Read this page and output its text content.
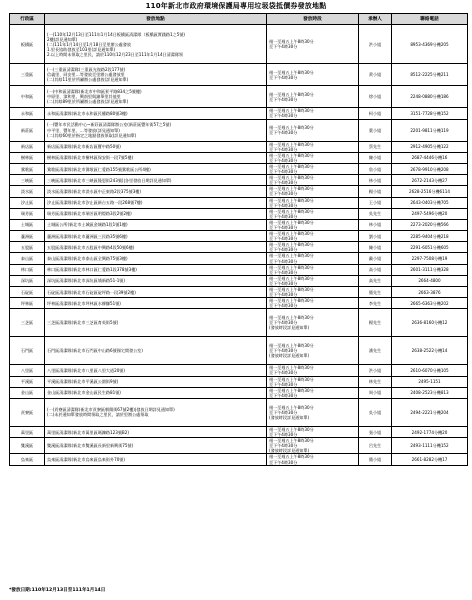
110年新北市政府環境保護局專用垃圾袋抵價券發放地點
行政區	發放地點	發放時段	承辦人	聯絡電話
板橋區	(一)110年12月13日至111年1月14日板橋區清潔隊（板橋區實踐路1之5號)
2樓(詳見通知單)
(二)111年1月14日至1月18日至里辦公處發放
1.里長協助發放至103里(詳見通知單)
2.以上時間未領取之里民，請於110年12月23日至111年1月14日清潔隊領	週一至週五上午8時30分
至下午4時30分	洪小姐	8953-4369分機205
三重區	(一)三重區清潔隊(三重區光復路2段177號)
信義里、同安里…等發放至里辦公處發放里
(二)其餘11里於所屬辦公處發放(詳見通知單)	週一至週五上午8時30分
至下午4時30分	黃小姐	8512-2225分機211
中和區	(一)中和區清潔隊(新北市中和區景平路834之5號樓)
中原里、漳和里、興南里與錦華里其他里
(二)其餘89里於所屬辦公處發放(詳見通知單)	週一至週五上午8時30分
至下午4時30分	徐小姐	2248-0880分機186
永和區	永和區清潔隊(新北市永和區民權路80號3樓)	週一至週五上午8時30分
至下午4時30分	柯小姐	3151-7728分機152
新莊區	(一)豐年市民活動中心~新莊區清潔隊辦公室(新莊區豐年街57之5號)
中平里、豐年里、…等發放(詳見通知單)
(二)其餘60里於指定之地點發放領取(詳見通知單)	週一至週五上午8時30分
至下午4時30分	葉小姐	2201-9811分機119
新店區	新店區清潔隊(新北市新店區寶中路50號)	週一至週五上午8時30分
至下午4時30分	蔡先生	2912-4905分機122
樹林區	樹林區清潔隊(新北市樹林區保安街一段7號5樓)	週一至週五上午8時30分
至下午4時30分	陳小姐	2687-4446分機16
鶯歌區	鶯歌區清潔隊(新北市鶯歌區仁愛路155號鶯歌區公所4樓)	週一至週五上午8時30分
至下午4時30分	詹小姐	2678-9910分機208
三峽區	三峽區清潔隊(新北市三峽區隆恩街243號)|各里發放日期詳見通知單)	週一至週五上午8時30分
至下午4時30分	林小姐	2672-2143分機27
淡水區	淡水區清潔隊(新北市淡水區中正東路2段375號3樓)	週一至週五上午8時30分
至下午4時30分	楊小姐	2628-2516分機6114
汐止區	汐止區清潔隊(新北市汐止區新台五路一段268號7樓)	週一至週五上午8時30分
至下午4時30分	王小姐	2643-0403分機705
瑞芳區	瑞芳區清潔隊(新北市瑞芳區明燈路3段2號2樓)	週一至週五上午8時30分
至下午4時30分	吳先生	2497-5496分機20
土城區	土城區公所(新北市土城區金城路1段1號1樓)	週一至週五上午8時30分
至下午4時30分	林小姐	2273-2020分機566
蘆洲區	蘆洲區清潔隊(新北市蘆洲區三民路35號6樓)	週一至週五上午8時30分
至下午4時30分	劉小姐	2285-9404分機218
五股區	五股區清潔隊(新北市五股區中興路4段50號6樓)	週一至週五上午8時30分
至下午4時30分	陳小姐	2291-6051分機605
泰山區	泰山區清潔隊(新北市泰山區全興路75號3樓)	週一至週五上午8時30分
至下午4時30分	戴小姐	2297-7508分機19
林口區	林口區清潔隊(新北市林口區仁愛路1段378號3樓)	週一至週五上午8時30分
至下午4時30分	高小姐	2601-3111分機328
深坑區	深坑區清潔隊(新北市深坑區埔新路51-1號)	週一至週五上午8時30分
至下午4時30分	高先生	2664-4800
石碇區	石碇區清潔隊(新北市石碇區碇坪路一段39號2樓)	週一至週五上午8時30分
至下午4時30分	簡先生	2663-3876
坪林區	坪林區清潔隊(新北市坪林區水柳腳51號)	週一至週五上午8時30分
至下午4時30分	李先生	2665-6363分機202
三芝區	三芝區清潔隊(新北市三芝區育英街5號)	週一至週五上午8時30分
至下午4時30分
(發放時段詳見通知單)	楊先生	2636-8160分機12
石門區	石門區清潔隊(新北市石門區中山路6號國宅開發公室)	週一至週五上午8時30分
至下午4時30分
(發放時段詳見通知單)	潘先生	2638-2522分機14
八里區	八里區清潔隊(新北市八里區八里大道20號)	週一至週五上午8時30分
至下午4時30分	洪小姐	2610-6070分機105
平溪區	平溪區清潔隊(新北市平溪區公園街9號)	週一至週五上午8時30分
至下午4時30分	林先生	2495-1151
金山區	金山區清潔隊(新北市金山區民生路81號)	週一至週五上午8時30分
至下午4時30分	周小姐	2408-2523分機813
貢寮區	(一)貢寮區清潔隊(新北市貢寮區朝陽街67號2樓)|發放日期詳見通知單)
(二)未於通知單發放時間領取之里民，請於里辦公處領取	週一至週五上午8時30分
至下午4時30分
(發放時段詳見通知單)	吳小姐	2494-2221分機204
萬里區	萬里區清潔隊(新北市萬里區瑪鍊路123號B2)	週一至週五上午8時30分
至下午4時30分	張小姐	2492-1774分機20
雙溪區	雙溪區清潔隊(新北市雙溪區長新里新興街75號)	週一至週五上午8時30分
至下午4時30分
(發放時段詳見通知單)	呂先生	2493-1111分機152
烏來區	烏來區清潔隊(新北市烏來區烏來街外70號)	週一至週五上午8時30分
至下午4時30分	簡小姐	2661-8282分機17
*發放日期:110年12月13日至111年1月14日
